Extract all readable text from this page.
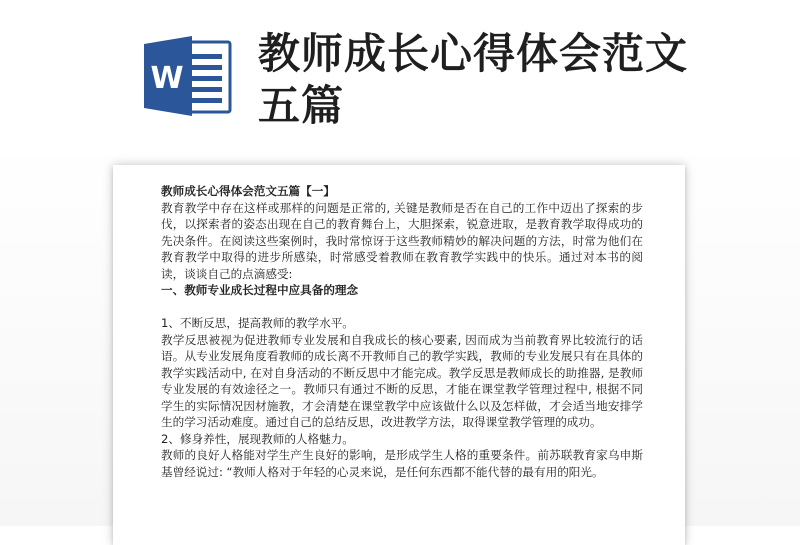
W
教师成长心得体会范文五篇

教师成长心得体会范文五篇【一】

教育教学中存在这样或那样的问题是正常的, 关键是教师是否在自己的工作中迈出了探索的步伐，以探索者的姿态出现在自己的教育舞台上，大胆探索，锐意进取，是教育教学取得成功的先决条件。在阅读这些案例时，我时常惊讶于这些教师精妙的解决问题的方法，时常为他们在教育教学中取得的进步所感染，时常感受着教师在教育教学实践中的快乐。通过对本书的阅读，谈谈自己的点滴感受:

一、教师专业成长过程中应具备的理念

1、不断反思，提高教师的教学水平。

教学反思被视为促进教师专业发展和自我成长的核心要素, 因而成为当前教育界比较流行的话语。从专业发展角度看教师的成长离不开教师自己的教学实践，教师的专业发展只有在具体的教学实践活动中, 在对自身活动的不断反思中才能完成。教学反思是教师成长的助推器, 是教师专业发展的有效途径之一。教师只有通过不断的反思，才能在课堂教学管理过程中, 根据不同学生的实际情况因材施教，才会清楚在课堂教学中应该做什么以及怎样做，才会适当地安排学生的学习活动难度。通过自己的总结反思，改进教学方法，取得课堂教学管理的成功。

2、修身养性，展现教师的人格魅力。

教师的良好人格能对学生产生良好的影响，是形成学生人格的重要条件。前苏联教育家乌申斯基曾经说过: “教师人格对于年轻的心灵来说，是任何东西都不能代替的最有用的阳光。
